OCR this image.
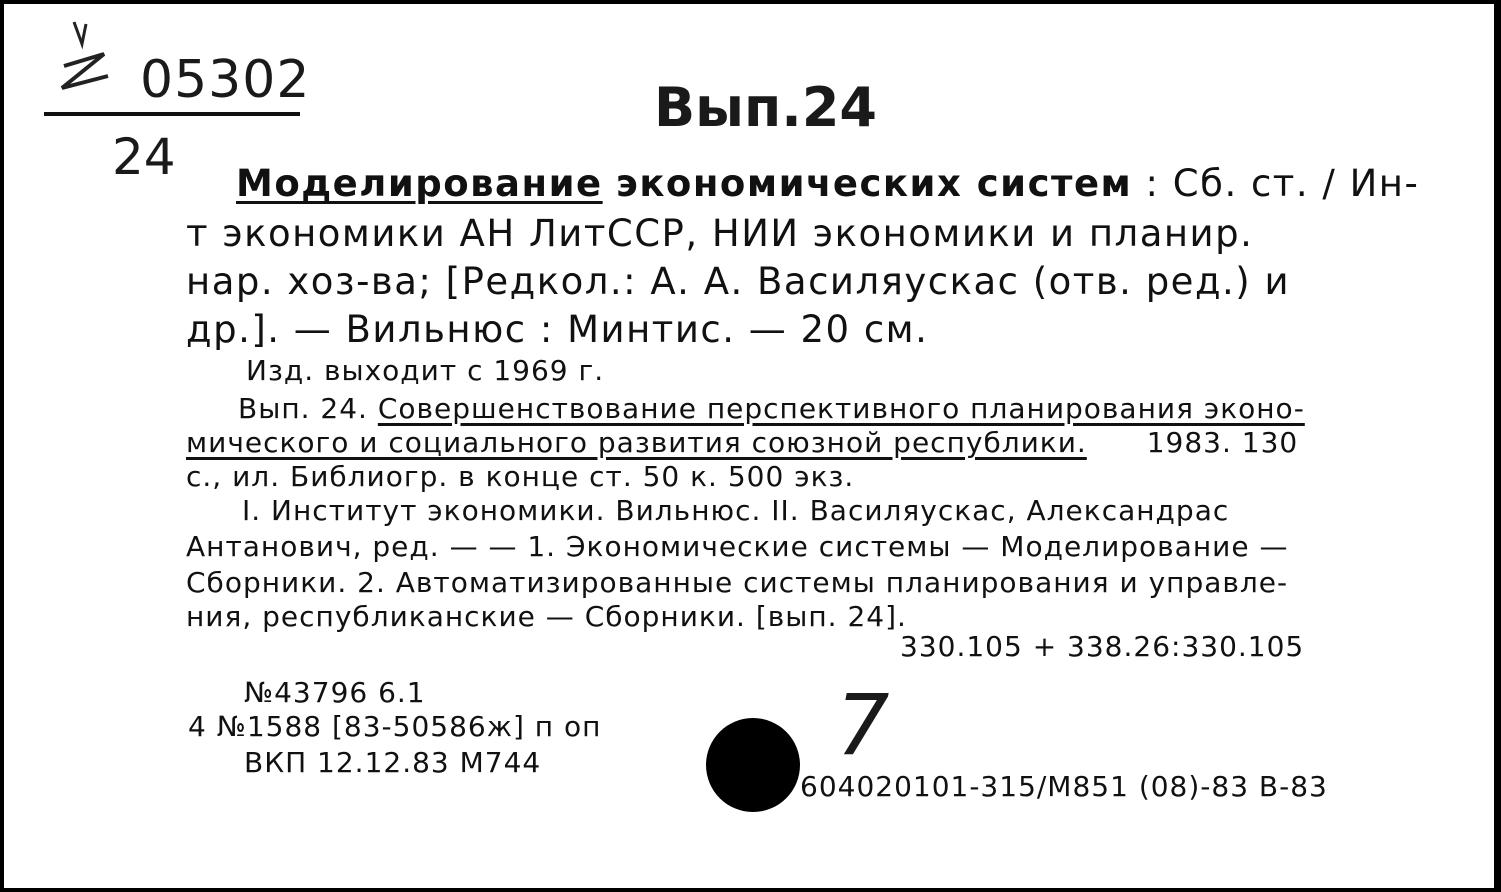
05302
24
Вып.24
Моделирование экономических систем : Сб. ст. / Ин-
т экономики АН ЛитССР, НИИ экономики и планир.
нар. хоз-ва; [Редкол.: А. А. Василяускас (отв. ред.) и
др.]. — Вильнюс : Минтис. — 20 см.
Изд. выходит с 1969 г.
Вып. 24. Совершенствование перспективного планирования эконо-
мического и социального развития союзной республики. 1983. 130
с., ил. Библиогр. в конце ст. 50 к. 500 экз.
I. Институт экономики. Вильнюс. II. Василяускас, Александрас
Антанович, ред. — — 1. Экономические системы — Моделирование —
Сборники. 2. Автоматизированные системы планирования и управле-
ния, республиканские — Сборники. [вып. 24].
330.105 + 338.26:330.105
№43796 6.1
4 №1588 [83-50586ж] п оп
ВКП 12.12.83 М744
604020101-315/М851 (08)-83 В-83
7
